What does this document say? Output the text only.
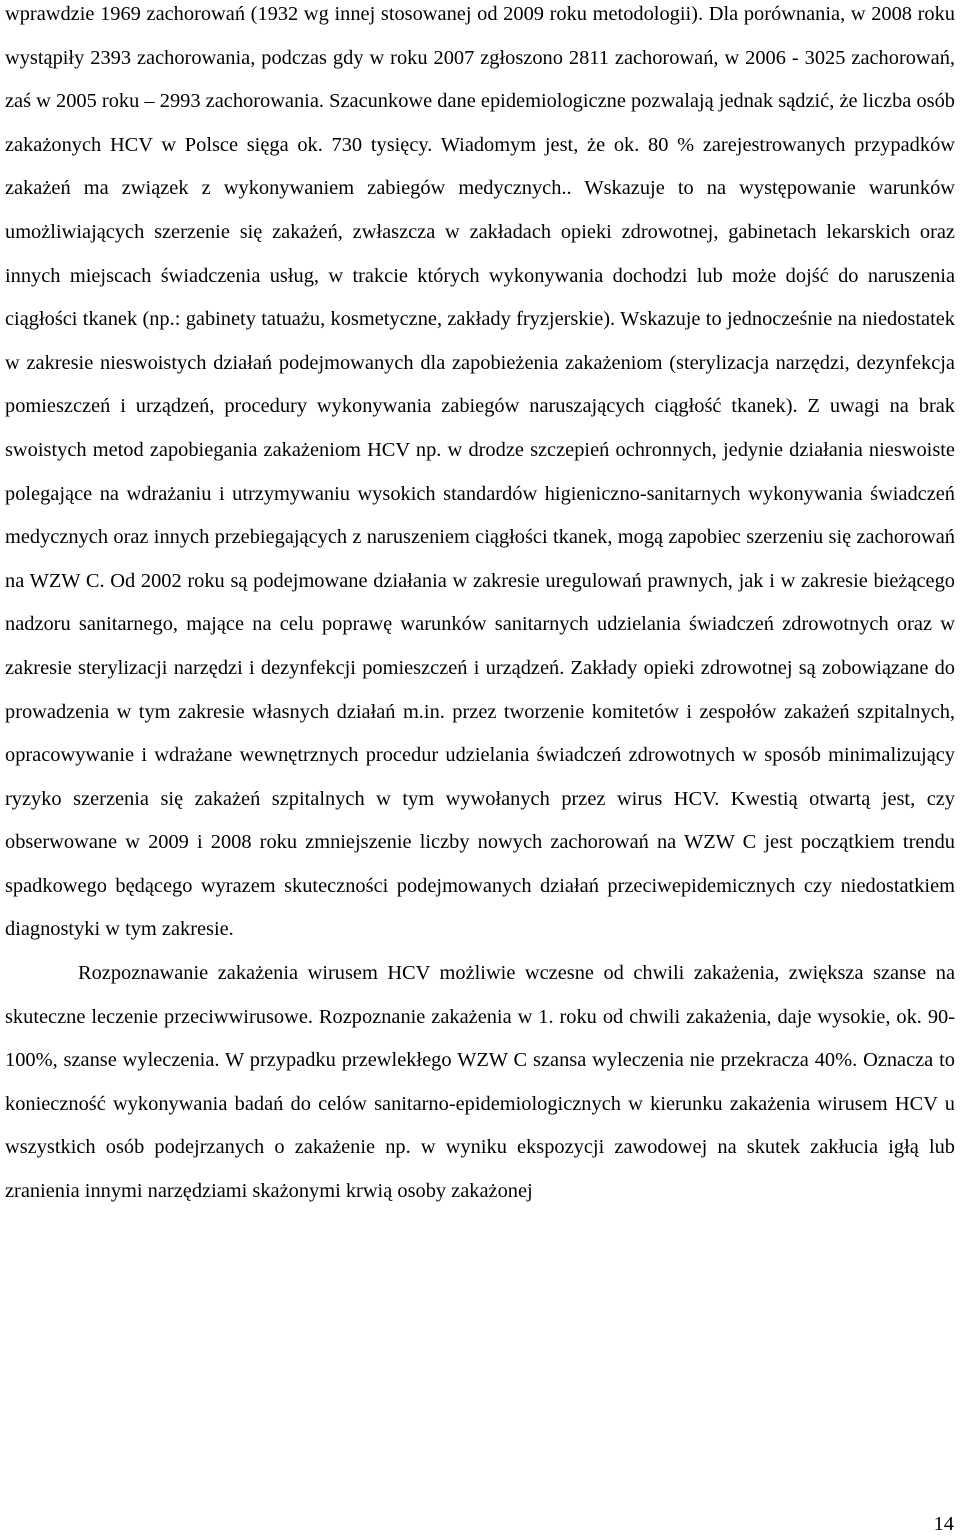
wprawdzie 1969 zachorowań (1932 wg innej stosowanej od 2009 roku metodologii). Dla porównania, w 2008 roku wystąpiły 2393 zachorowania, podczas gdy w roku 2007 zgłoszono 2811 zachorowań, w 2006 - 3025 zachorowań, zaś w 2005 roku – 2993 zachorowania. Szacunkowe dane epidemiologiczne pozwalają jednak sądzić, że liczba osób zakażonych HCV w Polsce sięga ok. 730 tysięcy. Wiadomym jest, że ok. 80 % zarejestrowanych przypadków zakażeń ma związek z wykonywaniem zabiegów medycznych.. Wskazuje to na występowanie warunków umożliwiających szerzenie się zakażeń, zwłaszcza w zakładach opieki zdrowotnej, gabinetach lekarskich oraz innych miejscach świadczenia usług, w trakcie których wykonywania dochodzi lub może dojść do naruszenia ciągłości tkanek (np.: gabinety tatuażu, kosmetyczne, zakłady fryzjerskie). Wskazuje to jednocześnie na niedostatek w zakresie nieswoistych działań podejmowanych dla zapobieżenia zakażeniom (sterylizacja narzędzi, dezynfekcja pomieszczeń i urządzeń, procedury wykonywania zabiegów naruszających ciągłość tkanek). Z uwagi na brak swoistych metod zapobiegania zakażeniom HCV np. w drodze szczepień ochronnych, jedynie działania nieswoiste polegające na wdrażaniu i utrzymywaniu wysokich standardów higieniczno-sanitarnych wykonywania świadczeń medycznych oraz innych przebiegających z naruszeniem ciągłości tkanek, mogą zapobiec szerzeniu się zachorowań na WZW C. Od 2002 roku są podejmowane działania w zakresie uregulowań prawnych, jak i w zakresie bieżącego nadzoru sanitarnego, mające na celu poprawę warunków sanitarnych udzielania świadczeń zdrowotnych oraz w zakresie sterylizacji narzędzi i dezynfekcji pomieszczeń i urządzeń. Zakłady opieki zdrowotnej są zobowiązane do prowadzenia w tym zakresie własnych działań m.in. przez tworzenie komitetów i zespołów zakażeń szpitalnych, opracowywanie i wdrażane wewnętrznych procedur udzielania świadczeń zdrowotnych w sposób minimalizujący ryzyko szerzenia się zakażeń szpitalnych w tym wywołanych przez wirus HCV. Kwestią otwartą jest, czy obserwowane w 2009 i 2008 roku zmniejszenie liczby nowych zachorowań na WZW C jest początkiem trendu spadkowego będącego wyrazem skuteczności podejmowanych działań przeciwepidemicznych czy niedostatkiem diagnostyki w tym zakresie.

Rozpoznawanie zakażenia wirusem HCV możliwie wczesne od chwili zakażenia, zwiększa szanse na skuteczne leczenie przeciwwirusowe. Rozpoznanie zakażenia w 1. roku od chwili zakażenia, daje wysokie, ok. 90-100%, szanse wyleczenia. W przypadku przewlekłego WZW C szansa wyleczenia nie przekracza 40%. Oznacza to konieczność wykonywania badań do celów sanitarno-epidemiologicznych w kierunku zakażenia wirusem HCV u wszystkich osób podejrzanych o zakażenie np. w wyniku ekspozycji zawodowej na skutek zakłucia igłą lub zranienia innymi narzędziami skażonymi krwią osoby zakażonej

14
